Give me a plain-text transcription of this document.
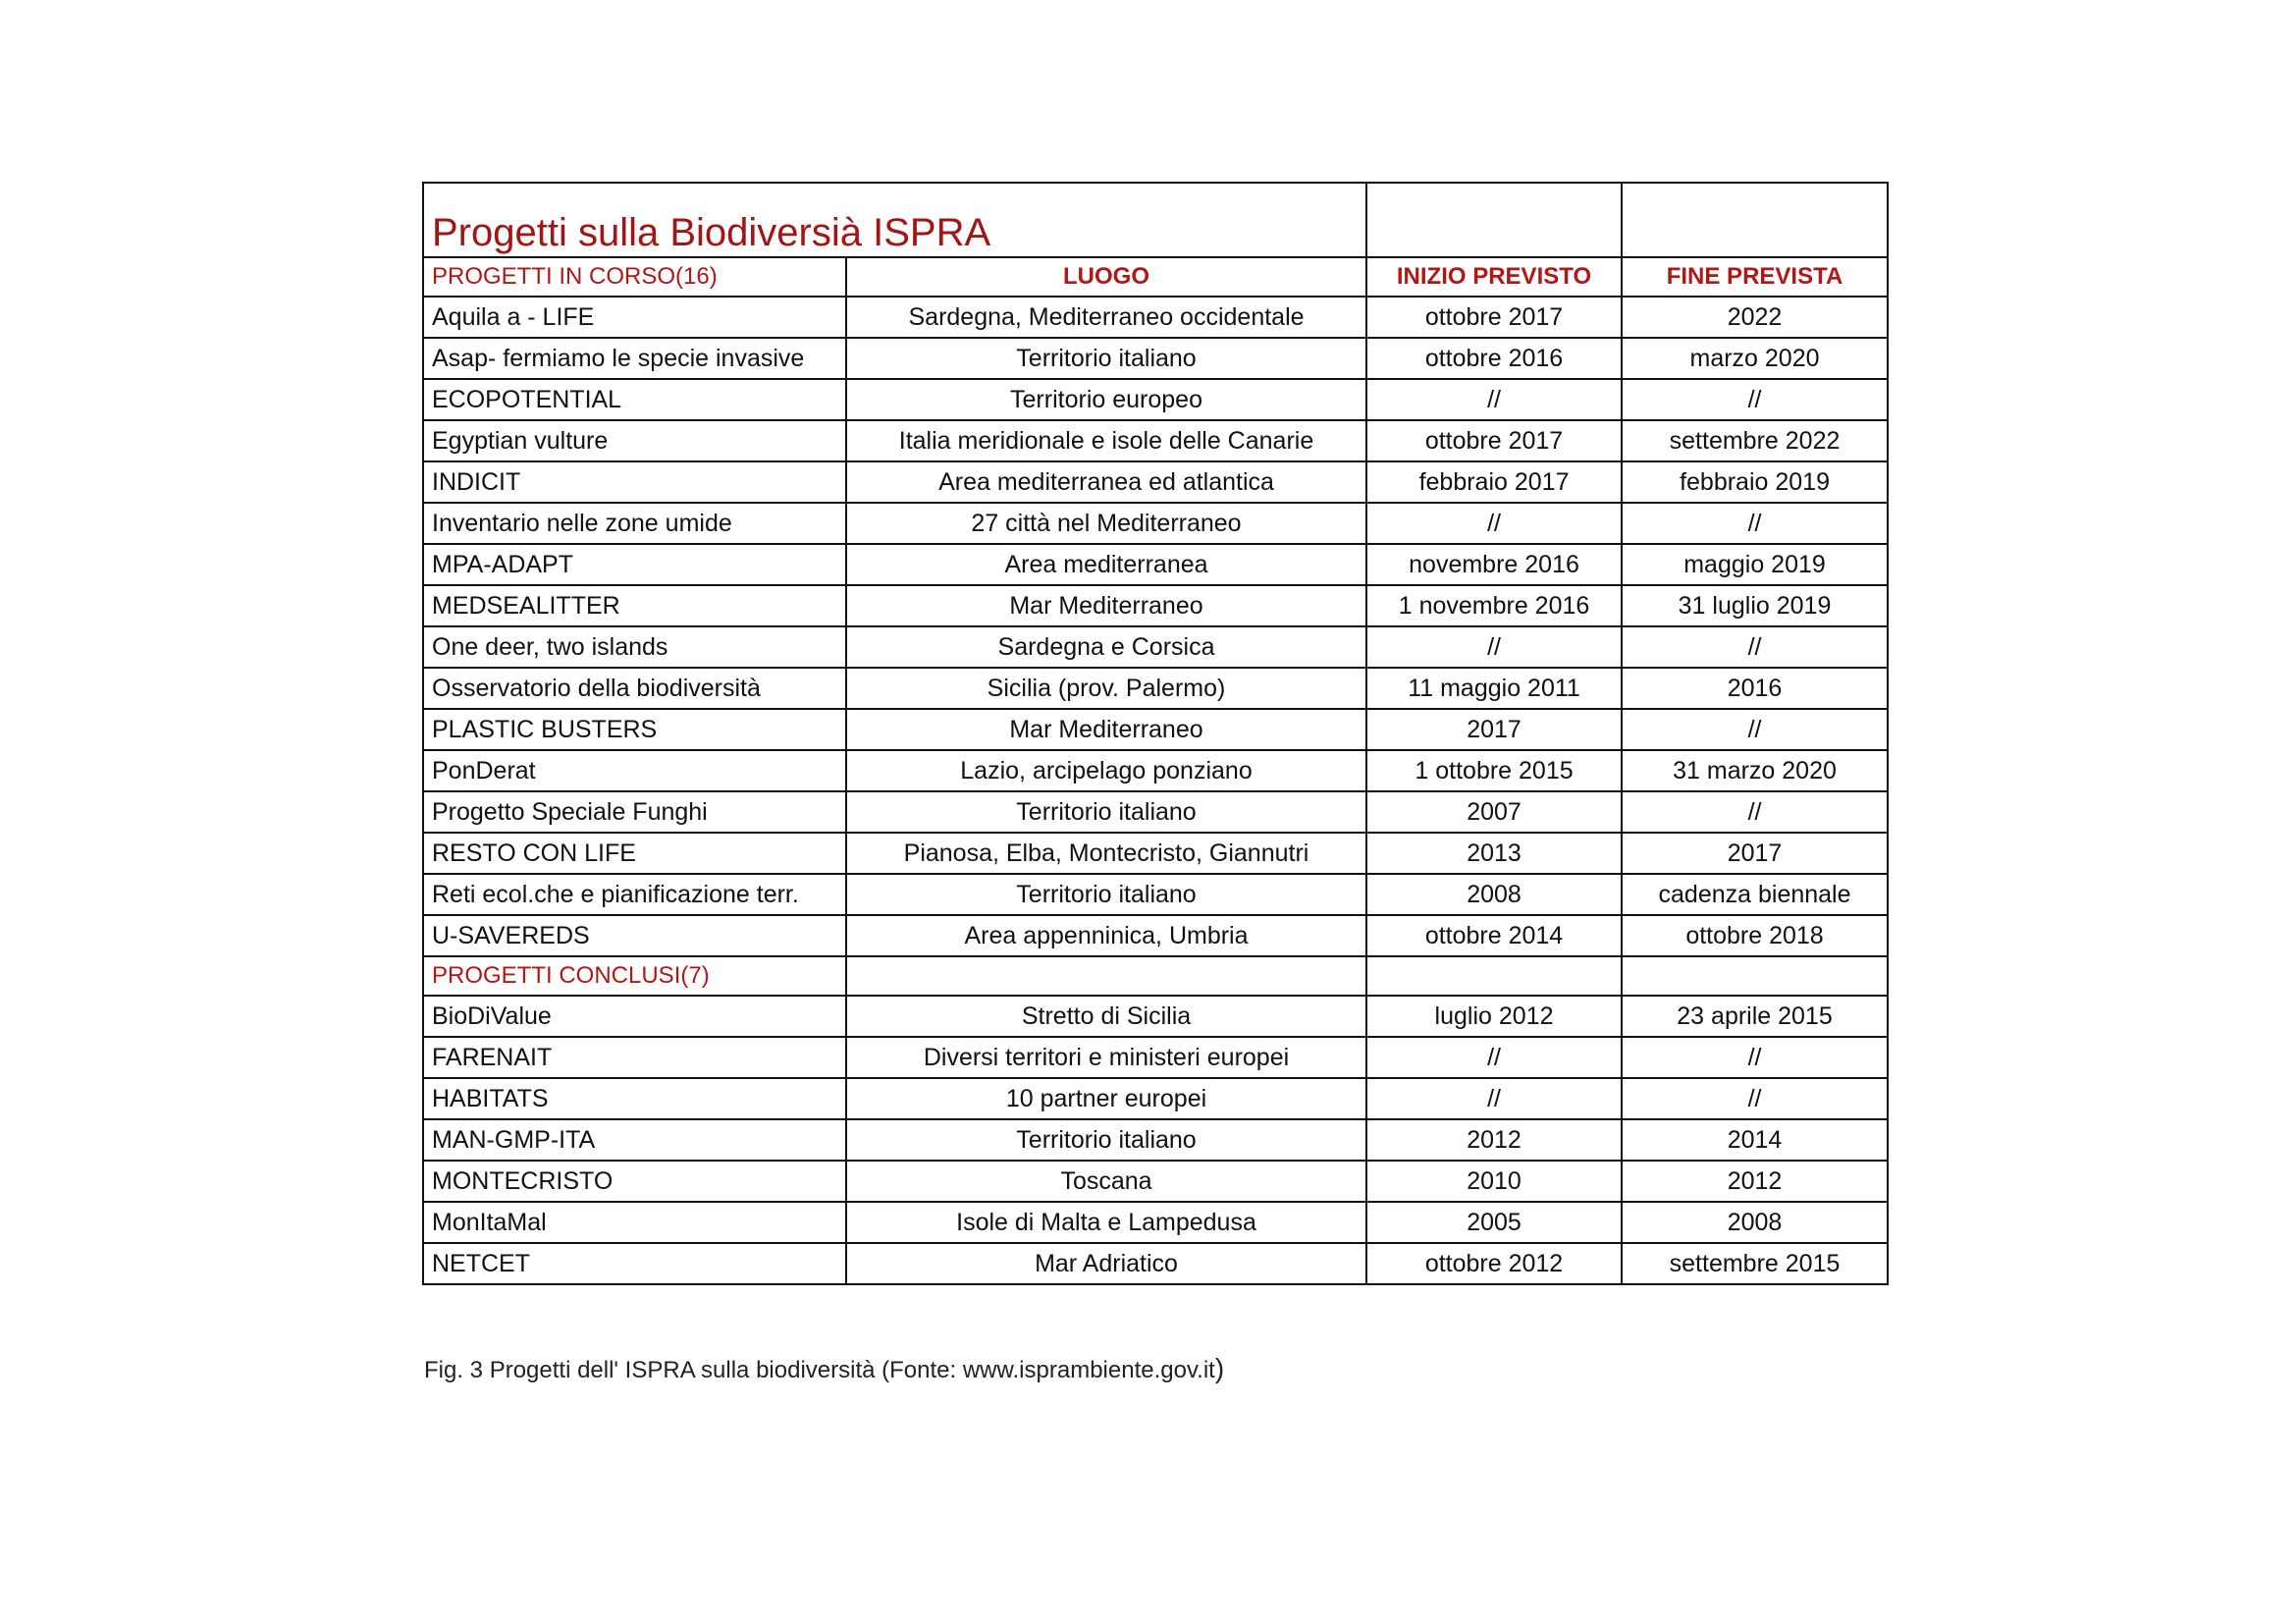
Progetti sulla Biodiversià ISPRA			
PROGETTI IN CORSO(16)	LUOGO	INIZIO PREVISTO	FINE PREVISTA
Aquila a - LIFE	Sardegna, Mediterraneo occidentale	ottobre 2017	2022
Asap- fermiamo le specie invasive	Territorio italiano	ottobre 2016	marzo 2020
ECOPOTENTIAL	Territorio europeo	//	//
Egyptian vulture	Italia meridionale e isole delle Canarie	ottobre 2017	settembre 2022
INDICIT	Area mediterranea ed atlantica	febbraio 2017	febbraio 2019
Inventario nelle zone umide	27 città nel Mediterraneo	//	//
MPA-ADAPT	Area mediterranea	novembre 2016	maggio 2019
MEDSEALITTER	Mar Mediterraneo	1 novembre 2016	31 luglio 2019
One deer, two islands	Sardegna e Corsica	//	//
Osservatorio della biodiversità	Sicilia (prov. Palermo)	11 maggio 2011	2016
PLASTIC BUSTERS	Mar Mediterraneo	2017	//
PonDerat	Lazio, arcipelago ponziano	1 ottobre 2015	31 marzo 2020
Progetto Speciale Funghi	Territorio italiano	2007	//
RESTO CON LIFE	Pianosa, Elba, Montecristo, Giannutri	2013	2017
Reti ecol.che e pianificazione terr.	Territorio italiano	2008	cadenza biennale
U-SAVEREDS	Area appenninica, Umbria	ottobre 2014	ottobre 2018
PROGETTI CONCLUSI(7)			
BioDiValue	Stretto di Sicilia	luglio 2012	23 aprile 2015
FARENAIT	Diversi territori e ministeri europei	//	//
HABITATS	10 partner europei	//	//
MAN-GMP-ITA	Territorio italiano	2012	2014
MONTECRISTO	Toscana	2010	2012
MonItaMal	Isole di Malta e Lampedusa	2005	2008
NETCET	Mar Adriatico	ottobre 2012	settembre 2015
Fig. 3 Progetti dell' ISPRA sulla biodiversità (Fonte: www.isprambiente.gov.it)
